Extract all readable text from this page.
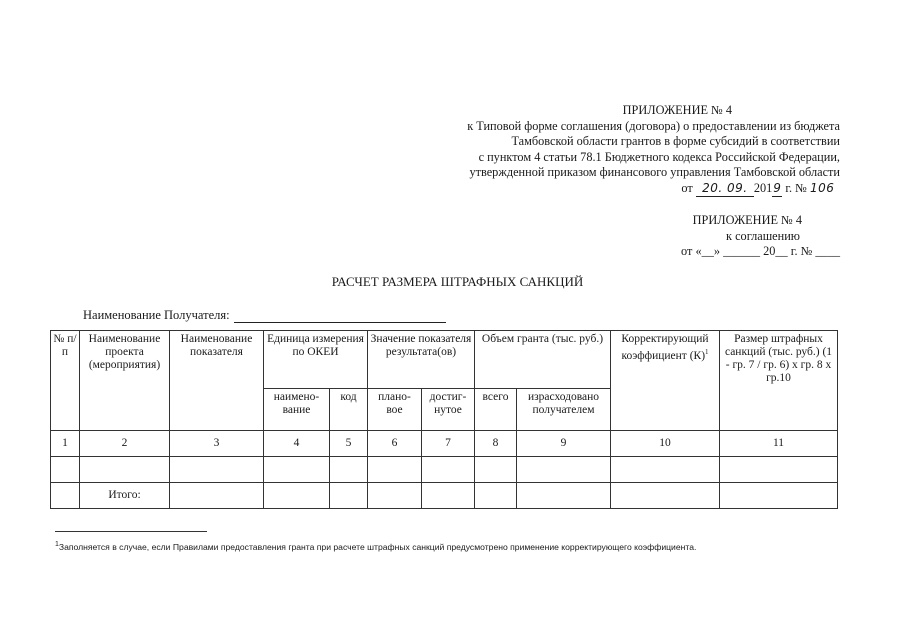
ПРИЛОЖЕНИЕ № 4
к Типовой форме соглашения (договора) о предоставлении из бюджета
Тамбовской области грантов в форме субсидий в соответствии
с пунктом 4 статьи 78.1 Бюджетного кодекса Российской Федерации,
утвержденной приказом финансового управления Тамбовской области
от 20. 09. 2019 г. № 106
ПРИЛОЖЕНИЕ № 4
к соглашению
от «__» ______ 20__ г. № ____
РАСЧЕТ РАЗМЕРА ШТРАФНЫХ САНКЦИЙ
Наименование Получателя:
№ п/п	Наименование проекта (мероприятия)	Наименование показателя	Единица измерения по ОКЕИ		Значение показателя результата(ов)		Объем гранта (тыс. руб.)		Корректирующий коэффициент $(К)^1$	Размер штрафных санкций (тыс. руб.) (1 - гр. 7 / гр. 6) x гр. 8 x гр.10
			наимено-вание	код	планo-вое	достиг-нутое	всего	израсходовано получателем		
1	2	3	4	5	6	7	8	9	10	11

	Итого:									
$^1$Заполняется в случае, если Правилами предоставления гранта при расчете штрафных санкций предусмотрено применение корректирующего коэффициента.
